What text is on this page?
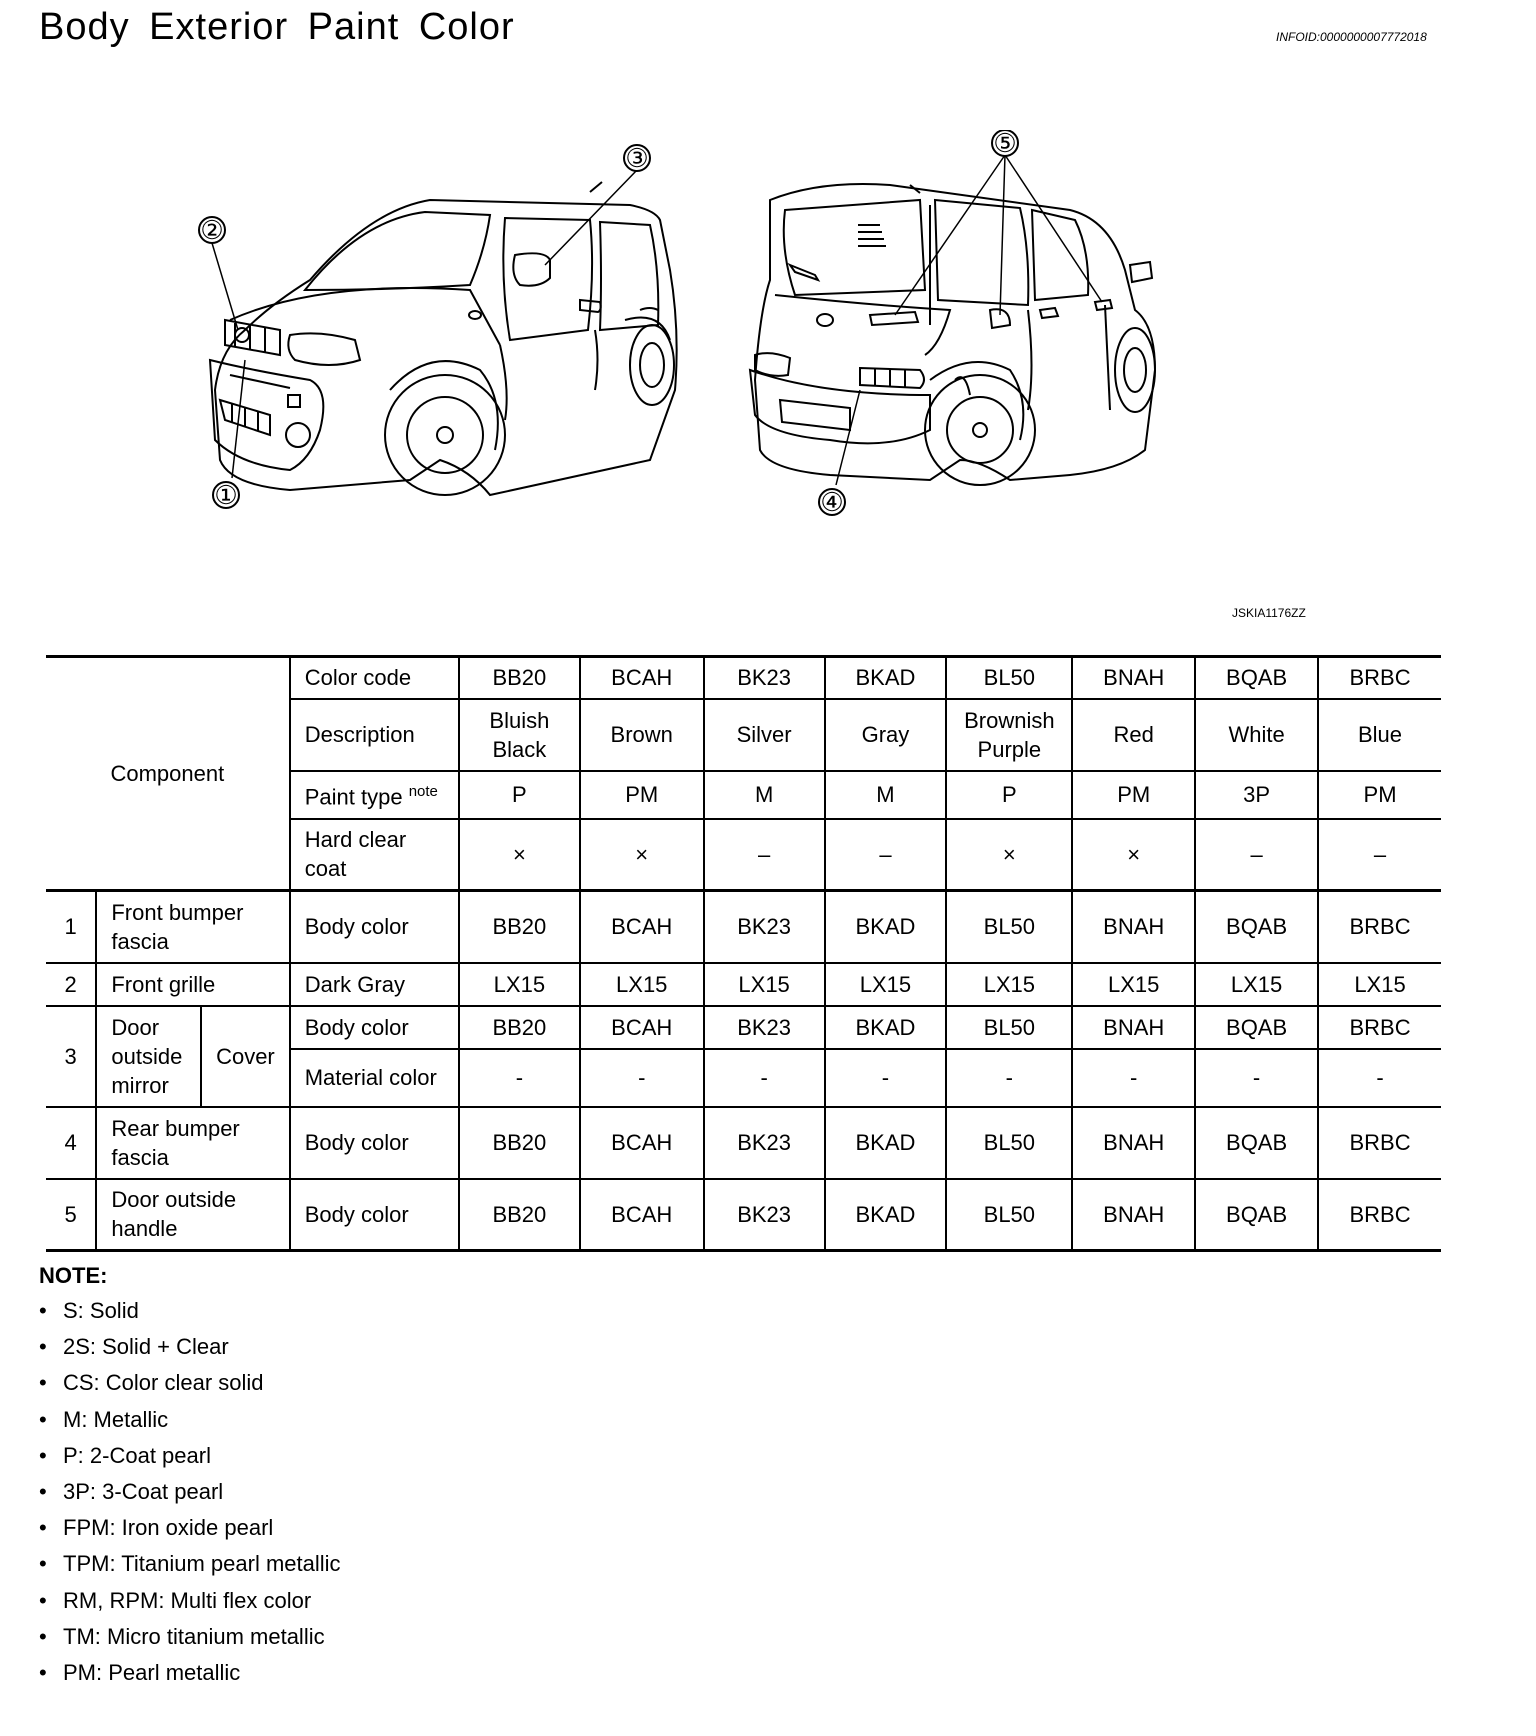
Body Exterior Paint Color	INFOID:0000000007772018
②
③
①	④
⑤
JSKIA1176ZZ
Component			Color code	BB20	BCAH	BK23	BKAD	BL50	BNAH	BQAB	BRBC
			Description	Bluish Black	Brown	Silver	Gray	Brownish Purple	Red	White	Blue
			Paint type $^{note}$	P	PM	M	M	P	PM	3P	PM
			Hard clear coat	×	×	–	–	×	×	–	–
1	Front bumper fascia		Body color	BB20	BCAH	BK23	BKAD	BL50	BNAH	BQAB	BRBC
2	Front grille		Dark Gray	LX15	LX15	LX15	LX15	LX15	LX15	LX15	LX15
3	Door outside mirror	Cover	Body color	BB20	BCAH	BK23	BKAD	BL50	BNAH	BQAB	BRBC
			Material color	-	-	-	-	-	-	-	-
4	Rear bumper fascia		Body color	BB20	BCAH	BK23	BKAD	BL50	BNAH	BQAB	BRBC
5	Door outside handle		Body color	BB20	BCAH	BK23	BKAD	BL50	BNAH	BQAB	BRBC
NOTE:
• S: Solid
• 2S: Solid + Clear
• CS: Color clear solid
• M: Metallic
• P: 2-Coat pearl
• 3P: 3-Coat pearl
• FPM: Iron oxide pearl
• TPM: Titanium pearl metallic
• RM, RPM: Multi flex color
• TM: Micro titanium metallic
• PM: Pearl metallic
